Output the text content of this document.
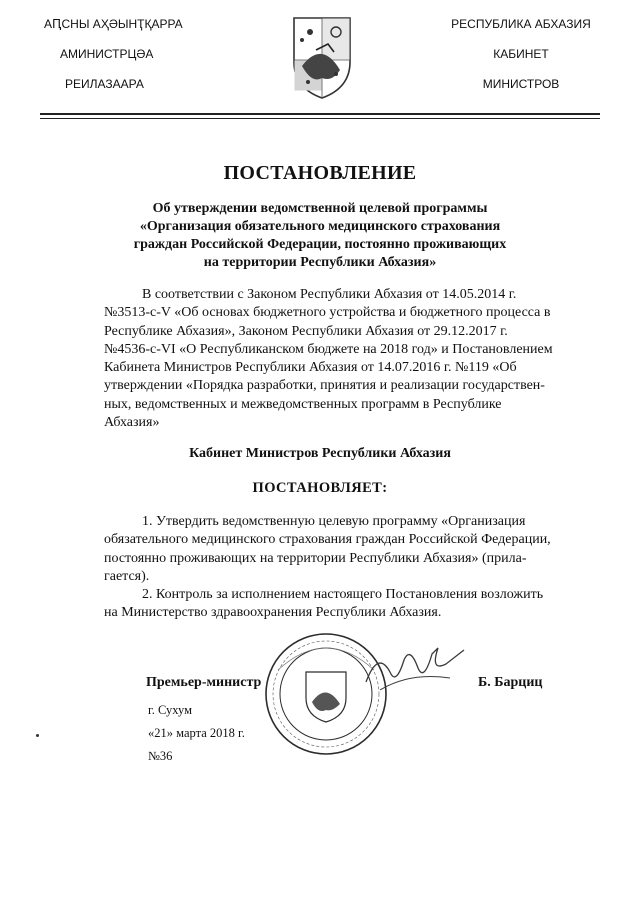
АԤСНЫ АҲӘЫНҬҚАРРА
АМИНИСТРЦӘА
РЕИЛАЗААРА
РЕСПУБЛИКА АБХАЗИЯ
КАБИНЕТ
МИНИСТРОВ
ПОСТАНОВЛЕНИЕ
Об утверждении ведомственной целевой программы
«Организация обязательного медицинского страхования
граждан Российской Федерации, постоянно проживающих
на территории Республики Абхазия»
В соответствии с Законом Республики Абхазия от 14.05.2014 г.
№3513-с-V «Об основах бюджетного устройства и бюджетного процесса в
Республике Абхазия», Законом Республики Абхазия от 29.12.2017 г.
№4536-с-VI «О Республиканском бюджете на 2018 год» и Постановлением
Кабинета Министров Республики Абхазия от 14.07.2016 г. №119 «Об
утверждении «Порядка разработки, принятия и реализации государствен-
ных, ведомственных и межведомственных программ в Республике
Абхазия»
Кабинет Министров Республики Абхазия
ПОСТАНОВЛЯЕТ:
1. Утвердить ведомственную целевую программу «Организация
обязательного медицинского страхования граждан Российской Федерации,
постоянно проживающих на территории Республики Абхазия» (прила-
гается).
2. Контроль за исполнением настоящего Постановления возложить
на Министерство здравоохранения Республики Абхазия.
Премьер-министр	Б. Барциц
г. Сухум
«21» марта 2018 г.
№36
